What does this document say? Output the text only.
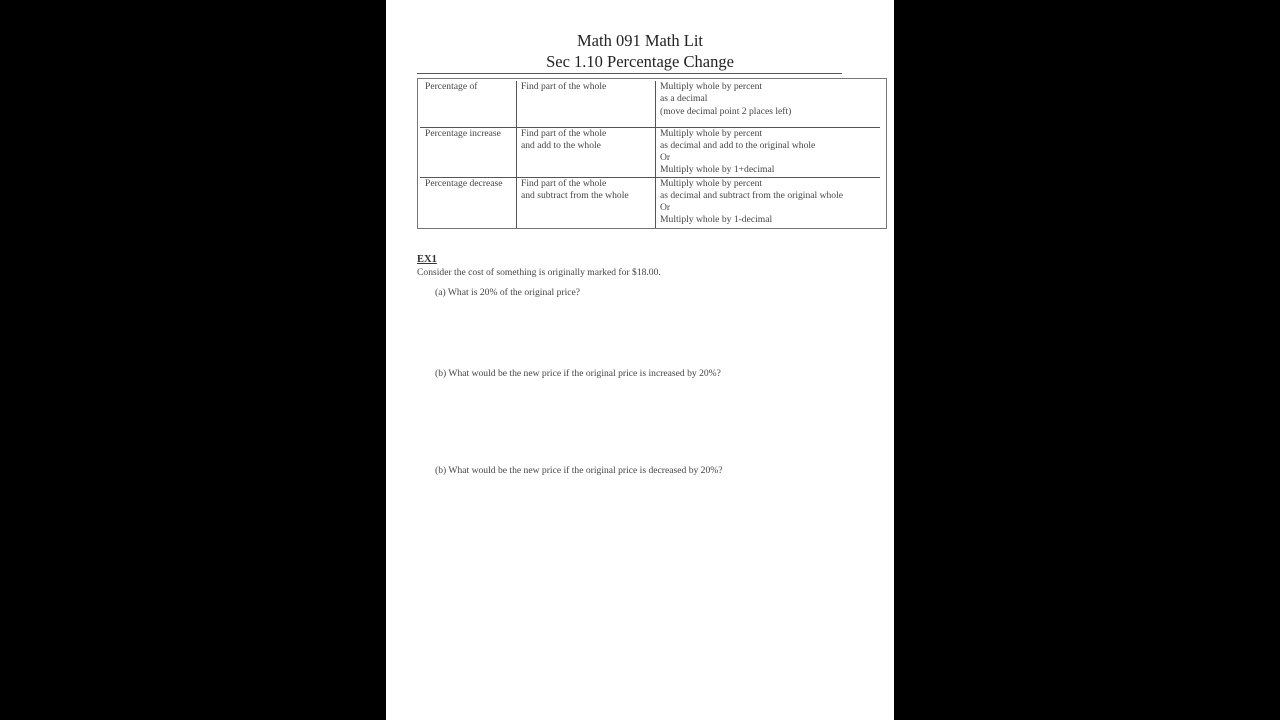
Math 091 Math Lit
Sec 1.10 Percentage Change
Percentage of	Find part of the whole	Multiply whole by percent
as a decimal
(move decimal point 2 places left)
Percentage increase Find part of the whole
and add to the whole
Multiply whole by percent
as decimal and add to the original whole
Or
Multiply whole by 1+decimal
Percentage decrease Find part of the whole
and subtract from the whole
Multiply whole by percent
as decimal and subtract from the original whole
Or
Multiply whole by 1-decimal
EX1
Consider the cost of something is originally marked for $18.00.
(a) What is 20% of the original price?
(b) What would be the new price if the original price is increased by 20%?
(b) What would be the new price if the original price is decreased by 20%?
